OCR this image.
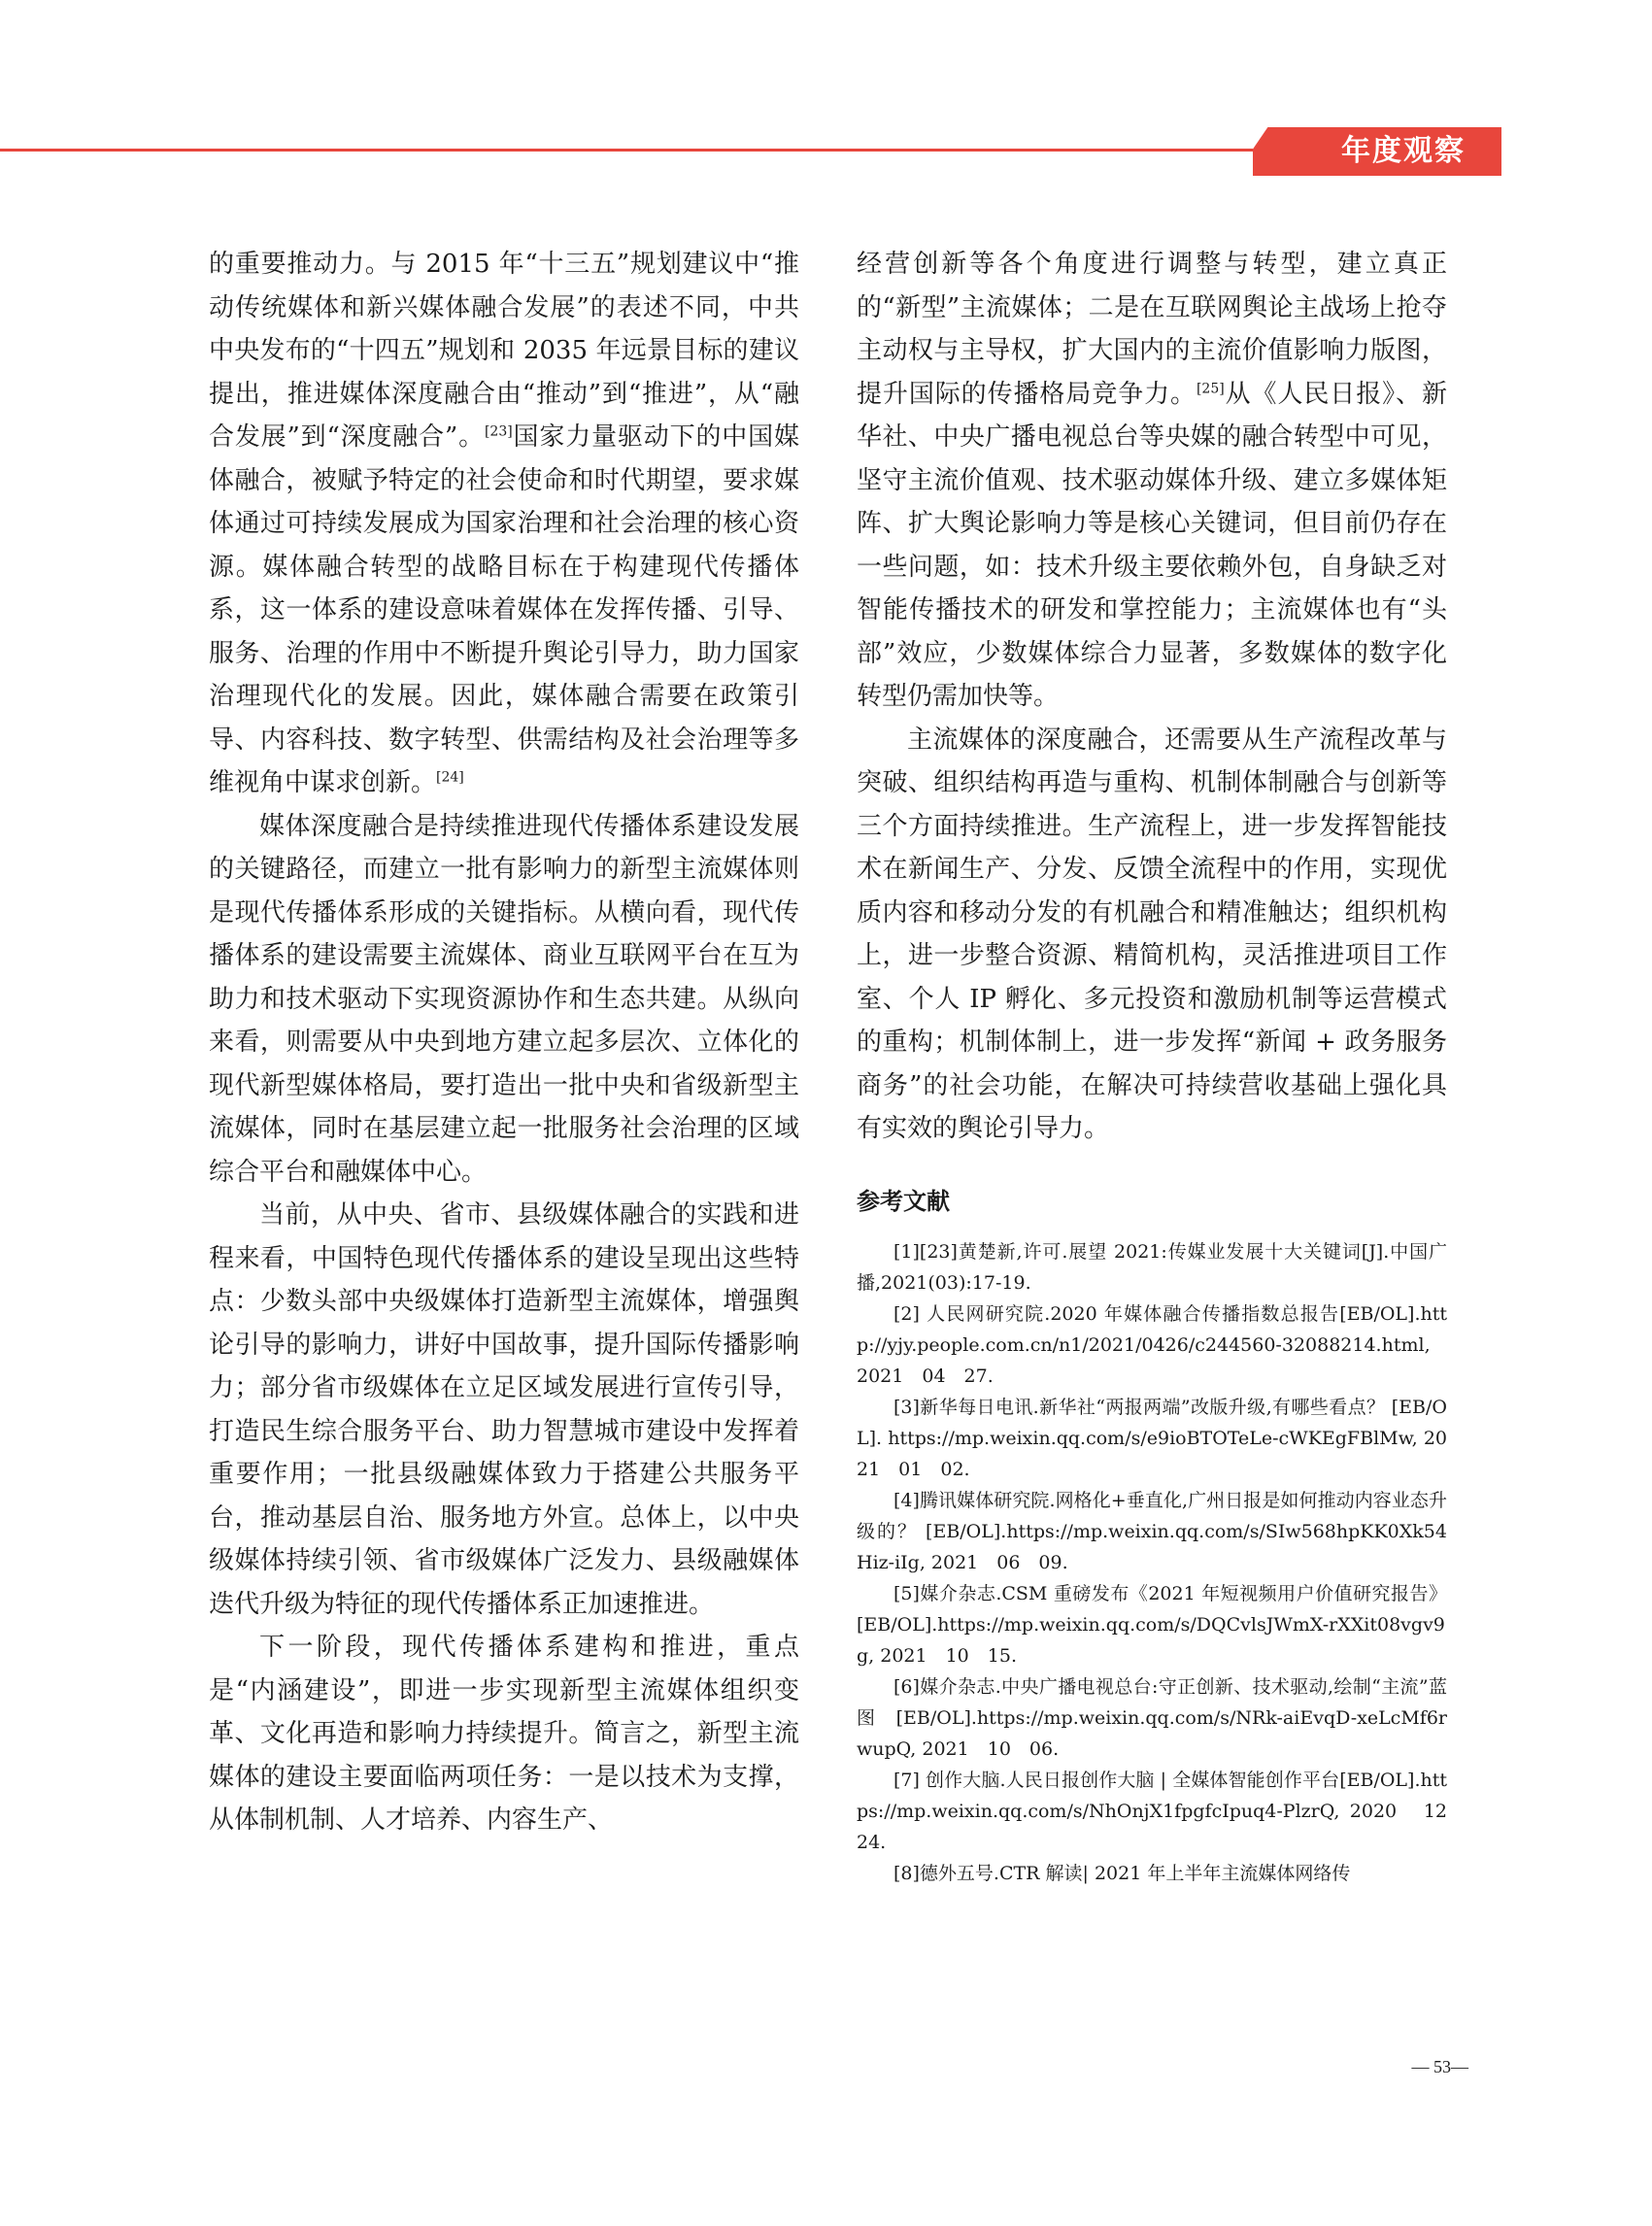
年度观察

的重要推动力。与 2015 年“十三五”规划建议中“推动传统媒体和新兴媒体融合发展”的表述不同，中共中央发布的“十四五”规划和 2035 年远景目标的建议提出，推进媒体深度融合由“推动”到“推进”，从“融合发展”到“深度融合”。[23]国家力量驱动下的中国媒体融合，被赋予特定的社会使命和时代期望，要求媒体通过可持续发展成为国家治理和社会治理的核心资源。媒体融合转型的战略目标在于构建现代传播体系，这一体系的建设意味着媒体在发挥传播、引导、服务、治理的作用中不断提升舆论引导力，助力国家治理现代化的发展。因此，媒体融合需要在政策引导、内容科技、数字转型、供需结构及社会治理等多维视角中谋求创新。[24]

媒体深度融合是持续推进现代传播体系建设发展的关键路径，而建立一批有影响力的新型主流媒体则是现代传播体系形成的关键指标。从横向看，现代传播体系的建设需要主流媒体、商业互联网平台在互为助力和技术驱动下实现资源协作和生态共建。从纵向来看，则需要从中央到地方建立起多层次、立体化的现代新型媒体格局，要打造出一批中央和省级新型主流媒体，同时在基层建立起一批服务社会治理的区域综合平台和融媒体中心。

当前，从中央、省市、县级媒体融合的实践和进程来看，中国特色现代传播体系的建设呈现出这些特点：少数头部中央级媒体打造新型主流媒体，增强舆论引导的影响力，讲好中国故事，提升国际传播影响力；部分省市级媒体在立足区域发展进行宣传引导，打造民生综合服务平台、助力智慧城市建设中发挥着重要作用；一批县级融媒体致力于搭建公共服务平台，推动基层自治、服务地方外宣。总体上，以中央级媒体持续引领、省市级媒体广泛发力、县级融媒体迭代升级为特征的现代传播体系正加速推进。

下一阶段，现代传播体系建构和推进，重点是“内涵建设”，即进一步实现新型主流媒体组织变革、文化再造和影响力持续提升。简言之，新型主流媒体的建设主要面临两项任务：一是以技术为支撑，从体制机制、人才培养、内容生产、

经营创新等各个角度进行调整与转型，建立真正的“新型”主流媒体；二是在互联网舆论主战场上抢夺主动权与主导权，扩大国内的主流价值影响力版图，提升国际的传播格局竞争力。[25]从《人民日报》、新华社、中央广播电视总台等央媒的融合转型中可见，坚守主流价值观、技术驱动媒体升级、建立多媒体矩阵、扩大舆论影响力等是核心关键词，但目前仍存在一些问题，如：技术升级主要依赖外包，自身缺乏对智能传播技术的研发和掌控能力；主流媒体也有“头部”效应，少数媒体综合力显著，多数媒体的数字化转型仍需加快等。

主流媒体的深度融合，还需要从生产流程改革与突破、组织结构再造与重构、机制体制融合与创新等三个方面持续推进。生产流程上，进一步发挥智能技术在新闻生产、分发、反馈全流程中的作用，实现优质内容和移动分发的有机融合和精准触达；组织机构上，进一步整合资源、精简机构，灵活推进项目工作室、个人 IP 孵化、多元投资和激励机制等运营模式的重构；机制体制上，进一步发挥“新闻 + 政务服务商务”的社会功能，在解决可持续营收基础上强化具有实效的舆论引导力。

参考文献

[1][23]黄楚新,许可.展望 2021:传媒业发展十大关键词[J].中国广播,2021(03):17-19.

[2] 人民网研究院.2020 年媒体融合传播指数总报告[EB/OL].http://yjy.people.com.cn/n1/2021/0426/c244560-32088214.html, 2021　04　27.

[3]新华每日电讯.新华社“两报两端”改版升级,有哪些看点？ [EB/OL]. https://mp.weixin.qq.com/s/e9ioBTOTeLe-cWKEgFBlMw, 2021　01　02.

[4]腾讯媒体研究院.网格化+垂直化,广州日报是如何推动内容业态升级的？ [EB/OL].https://mp.weixin.qq.com/s/SIw568hpKK0Xk54Hiz-iIg, 2021　06　09.

[5]媒介杂志.CSM 重磅发布《2021 年短视频用户价值研究报告》[EB/OL].https://mp.weixin.qq.com/s/DQCvlsJWmX-rXXit08vgv9g, 2021　10　15.

[6]媒介杂志.中央广播电视总台:守正创新、技术驱动,绘制“主流”蓝图 [EB/OL].https://mp.weixin.qq.com/s/NRk-aiEvqD-xeLcMf6rwupQ, 2021　10　06.

[7] 创作大脑.人民日报创作大脑 | 全媒体智能创作平台[EB/OL].https://mp.weixin.qq.com/s/NhOnjX1fpgfcIpuq4-PlzrQ, 2020　12　24.

[8]德外五号.CTR 解读| 2021 年上半年主流媒体网络传

— 53—
